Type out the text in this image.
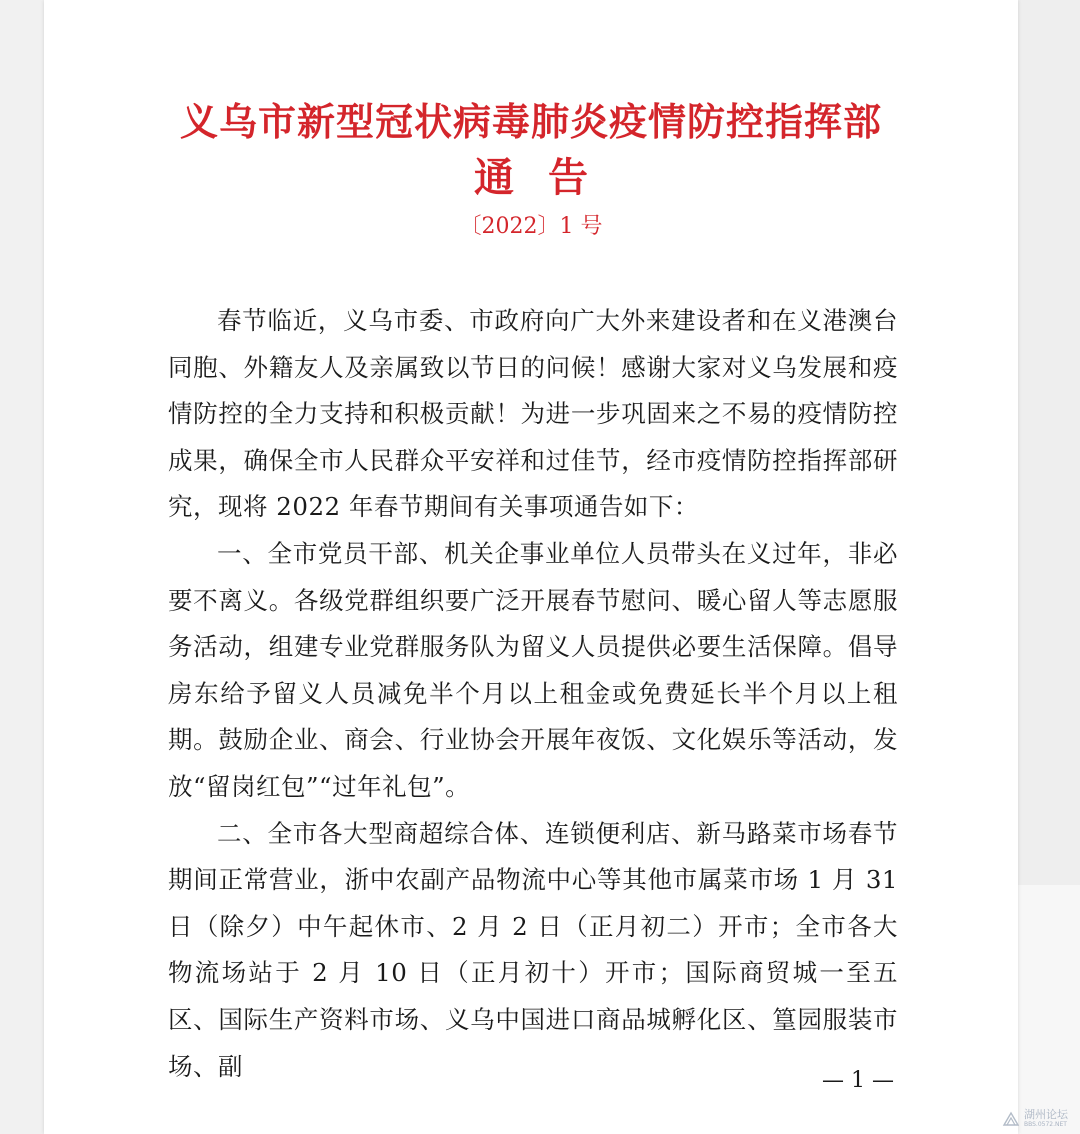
义乌市新型冠状病毒肺炎疫情防控指挥部
通告
〔2022〕1 号

春节临近，义乌市委、市政府向广大外来建设者和在义港澳台同胞、外籍友人及亲属致以节日的问候！感谢大家对义乌发展和疫情防控的全力支持和积极贡献！为进一步巩固来之不易的疫情防控成果，确保全市人民群众平安祥和过佳节，经市疫情防控指挥部研究，现将 2022 年春节期间有关事项通告如下：

一、全市党员干部、机关企事业单位人员带头在义过年，非必要不离义。各级党群组织要广泛开展春节慰问、暖心留人等志愿服务活动，组建专业党群服务队为留义人员提供必要生活保障。倡导房东给予留义人员减免半个月以上租金或免费延长半个月以上租期。鼓励企业、商会、行业协会开展年夜饭、文化娱乐等活动，发放“留岗红包”“过年礼包”。

二、全市各大型商超综合体、连锁便利店、新马路菜市场春节期间正常营业，浙中农副产品物流中心等其他市属菜市场 1 月 31 日（除夕）中午起休市、2 月 2 日（正月初二）开市；全市各大物流场站于 2 月 10 日（正月初十）开市；国际商贸城一至五区、国际生产资料市场、义乌中国进口商品城孵化区、篁园服装市场、副	— 1 —
湖州论坛
BBS.0572.NET
